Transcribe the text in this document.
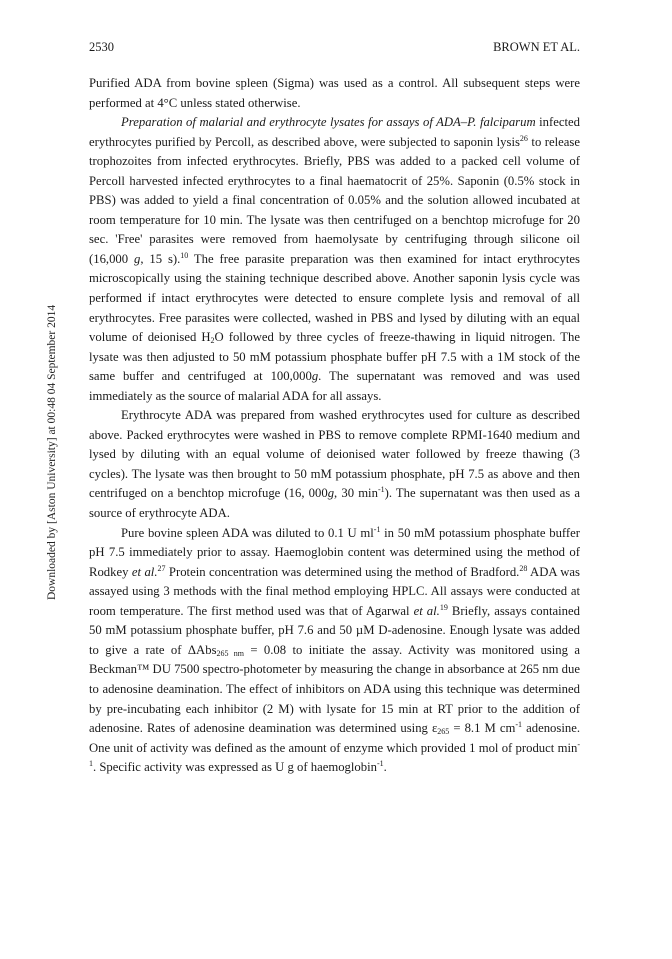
2530	BROWN ET AL.
Downloaded by [Aston University] at 00:48 04 September 2014

Purified ADA from bovine spleen (Sigma) was used as a control. All subsequent steps were performed at 4°C unless stated otherwise.

Preparation of malarial and erythrocyte lysates for assays of ADA–P. falciparum infected erythrocytes purified by Percoll, as described above, were subjected to saponin lysis$^{26}$ to release trophozoites from infected erythrocytes. Briefly, PBS was added to a packed cell volume of Percoll harvested infected erythrocytes to a final haematocrit of 25%. Saponin (0.5% stock in PBS) was added to yield a final concentration of 0.05% and the solution allowed incubated at room temperature for 10 min. The lysate was then centrifuged on a benchtop microfuge for 20 sec. 'Free' parasites were removed from haemolysate by centrifuging through silicone oil (16,000 g, 15 s).$^{10}$ The free parasite preparation was then examined for intact erythrocytes microscopically using the staining technique described above. Another saponin lysis cycle was performed if intact erythrocytes were detected to ensure complete lysis and removal of all erythrocytes. Free parasites were collected, washed in PBS and lysed by diluting with an equal volume of deionised $H_2O$ followed by three cycles of freeze-thawing in liquid nitrogen. The lysate was then adjusted to 50 mM potassium phosphate buffer pH 7.5 with a 1M stock of the same buffer and centrifuged at 100,000g. The supernatant was removed and was used immediately as the source of malarial ADA for all assays.

Erythrocyte ADA was prepared from washed erythrocytes used for culture as described above. Packed erythrocytes were washed in PBS to remove complete RPMI-1640 medium and lysed by diluting with an equal volume of deionised water followed by freeze thawing (3 cycles). The lysate was then brought to 50 mM potassium phosphate, pH 7.5 as above and then centrifuged on a benchtop microfuge (16, 000g, 30 $\min^{-1}$). The supernatant was then used as a source of erythrocyte ADA.

Pure bovine spleen ADA was diluted to 0.1 U $ml^{-1}$ in 50 mM potassium phosphate buffer pH 7.5 immediately prior to assay. Haemoglobin content was determined using the method of Rodkey et al.$^{27}$ Protein concentration was determined using the method of Bradford.$^{28}$ ADA was assayed using 3 methods with the final method employing HPLC. All assays were conducted at room temperature. The first method used was that of Agarwal et al.$^{19}$ Briefly, assays contained 50 mM potassium phosphate buffer, pH 7.6 and 50 µM D-adenosine. Enough lysate was added to give a rate of ΔAbs$_{265 nm}$ = 0.08 to initiate the assay. Activity was monitored using a Beckman™ DU 7500 spectro-photometer by measuring the change in absorbance at 265 nm due to adenosine deamination. The effect of inhibitors on ADA using this technique was determined by pre-incubating each inhibitor (2 M) with lysate for 15 min at RT prior to the addition of adenosine. Rates of adenosine deamination was determined using $\varepsilon_{265} = 8.1$ M $cm^{-1}$ adenosine. One unit of activity was defined as the amount of enzyme which provided 1 mol of product $\min^{-1}$. Specific activity was expressed as U g of haemoglobin$^{-1}$.
